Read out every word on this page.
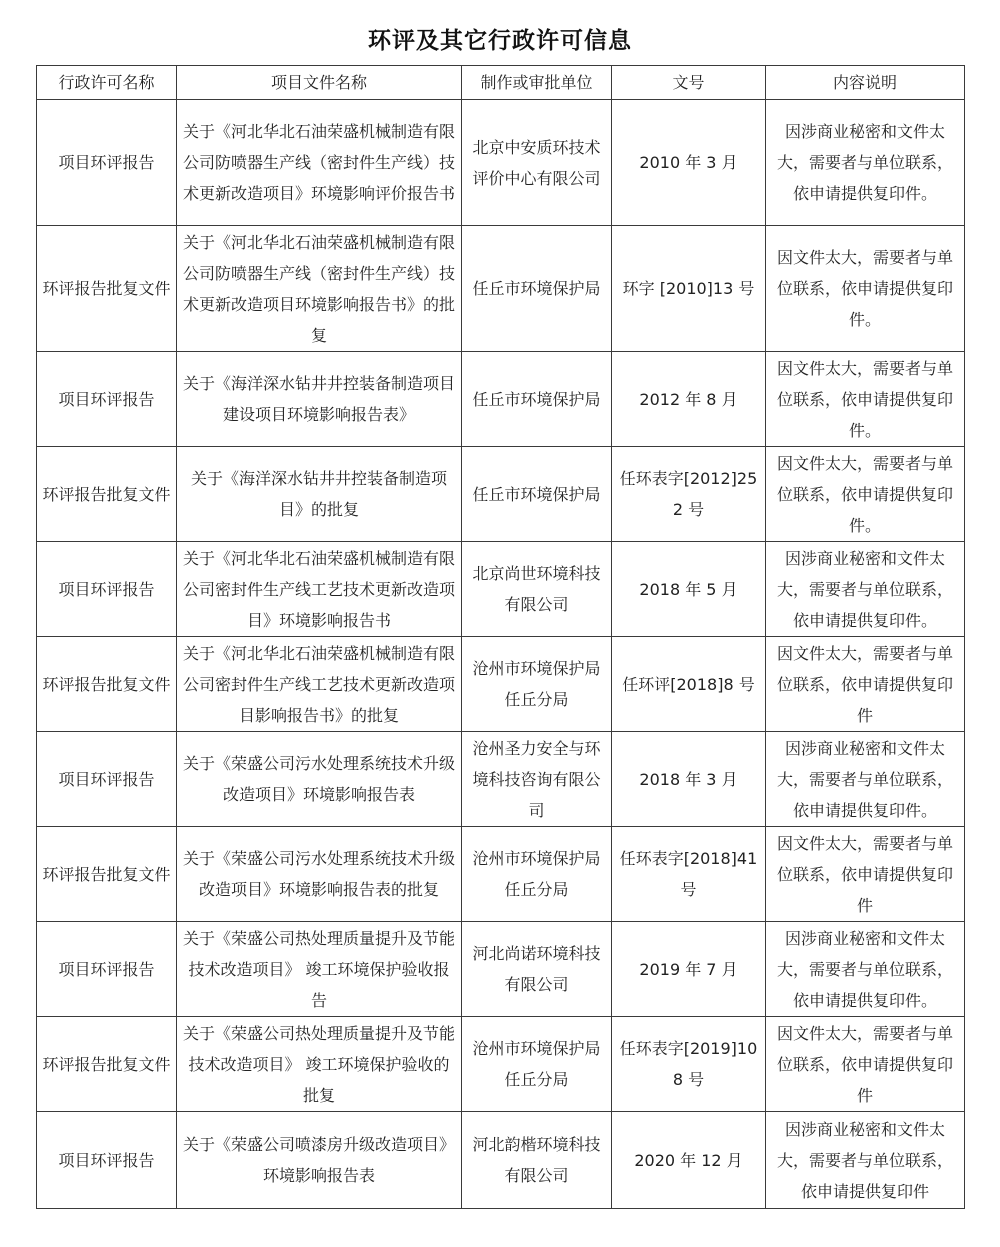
环评及其它行政许可信息
行政许可名称	项目文件名称	制作或审批单位	文号	内容说明
项目环评报告	关于《河北华北石油荣盛机械制造有限公司防喷器生产线（密封件生产线）技术更新改造项目》环境影响评价报告书	北京中安质环技术评价中心有限公司	2010 年 3 月	因涉商业秘密和文件太大，需要者与单位联系，依申请提供复印件。
环评报告批复文件	关于《河北华北石油荣盛机械制造有限公司防喷器生产线（密封件生产线）技术更新改造项目环境影响报告书》的批复	任丘市环境保护局	环字 [2010]13 号	因文件太大，需要者与单位联系，依申请提供复印件。
项目环评报告	关于《海洋深水钻井井控装备制造项目建设项目环境影响报告表》	任丘市环境保护局	2012 年 8 月	因文件太大，需要者与单位联系，依申请提供复印件。
环评报告批复文件	关于《海洋深水钻井井控装备制造项目》的批复	任丘市环境保护局	任环表字[2012]252 号	因文件太大，需要者与单位联系，依申请提供复印件。
项目环评报告	关于《河北华北石油荣盛机械制造有限公司密封件生产线工艺技术更新改造项目》环境影响报告书	北京尚世环境科技有限公司	2018 年 5 月	因涉商业秘密和文件太大，需要者与单位联系，依申请提供复印件。
环评报告批复文件	关于《河北华北石油荣盛机械制造有限公司密封件生产线工艺技术更新改造项目影响报告书》的批复	沧州市环境保护局任丘分局	任环评[2018]8 号	因文件太大，需要者与单位联系，依申请提供复印件
项目环评报告	关于《荣盛公司污水处理系统技术升级改造项目》环境影响报告表	沧州圣力安全与环境科技咨询有限公司	2018 年 3 月	因涉商业秘密和文件太大，需要者与单位联系，依申请提供复印件。
环评报告批复文件	关于《荣盛公司污水处理系统技术升级改造项目》环境影响报告表的批复	沧州市环境保护局任丘分局	任环表字[2018]41 号	因文件太大，需要者与单位联系，依申请提供复印件
项目环评报告	关于《荣盛公司热处理质量提升及节能技术改造项目》 竣工环境保护验收报告	河北尚诺环境科技有限公司	2019 年 7 月	因涉商业秘密和文件太大，需要者与单位联系，依申请提供复印件。
环评报告批复文件	关于《荣盛公司热处理质量提升及节能技术改造项目》 竣工环境保护验收的批复	沧州市环境保护局任丘分局	任环表字[2019]108 号	因文件太大，需要者与单位联系，依申请提供复印件
项目环评报告	关于《荣盛公司喷漆房升级改造项目》环境影响报告表	河北韵楷环境科技有限公司	2020 年 12 月	因涉商业秘密和文件太大，需要者与单位联系，依申请提供复印件
